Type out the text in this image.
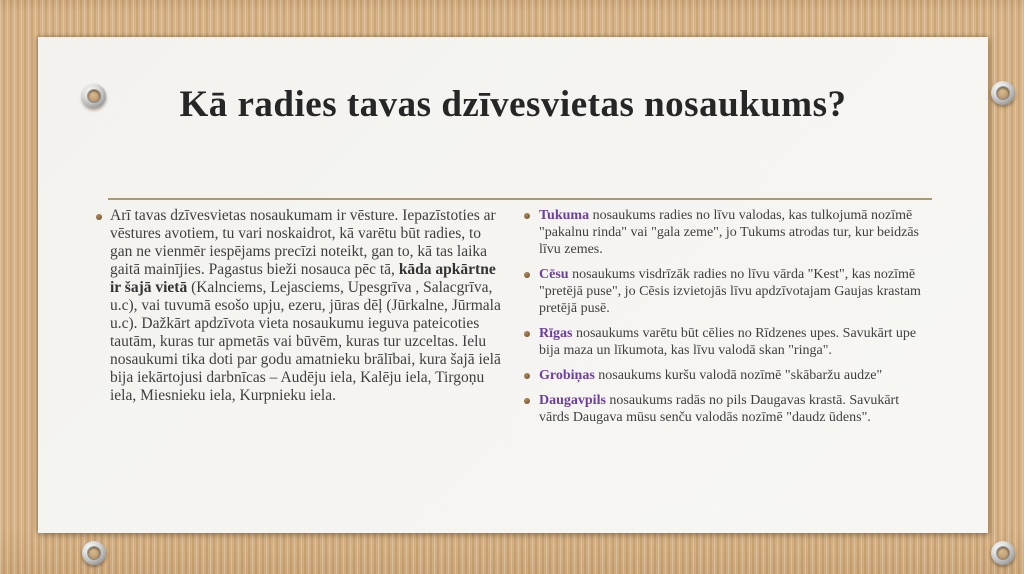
Kā radies tavas dzīvesvietas nosaukums?

Arī tavas dzīvesvietas nosaukumam ir vēsture. Iepazīstoties ar vēstures avotiem, tu vari noskaidrot, kā varētu būt radies, to gan ne vienmēr iespējams precīzi noteikt, gan to, kā tas laika gaitā mainījies. Pagastus bieži nosauca pēc tā, kāda apkārtne ir šajā vietā (Kalnciems, Lejasciems, Upesgrīva , Salacgrīva, u.c), vai tuvumā esošo upju, ezeru, jūras dēļ (Jūrkalne, Jūrmala u.c). Dažkārt apdzīvota vieta nosaukumu ieguva pateicoties tautām, kuras tur apmetās vai būvēm, kuras tur uzceltas. Ielu nosaukumi tika doti par godu amatnieku brālībai, kura šajā ielā bija iekārtojusi darbnīcas – Audēju iela, Kalēju iela, Tirgoņu iela, Miesnieku iela, Kurpnieku iela.

Tukuma nosaukums radies no līvu valodas, kas tulkojumā nozīmē "pakalnu rinda" vai "gala zeme", jo Tukums atrodas tur, kur beidzās līvu zemes.

Cēsu nosaukums visdrīzāk radies no līvu vārda "Kest", kas nozīmē "pretējā puse", jo Cēsis izvietojās līvu apdzīvotajam Gaujas krastam pretējā pusē.

Rīgas nosaukums varētu būt cēlies no Rīdzenes upes. Savukārt upe bija maza un līkumota, kas līvu valodā skan "ringa".

Grobiņas nosaukums kuršu valodā nozīmē "skābaržu audze"

Daugavpils nosaukums radās no pils Daugavas krastā. Savukārt vārds Daugava mūsu senču valodās nozīmē "daudz ūdens".
